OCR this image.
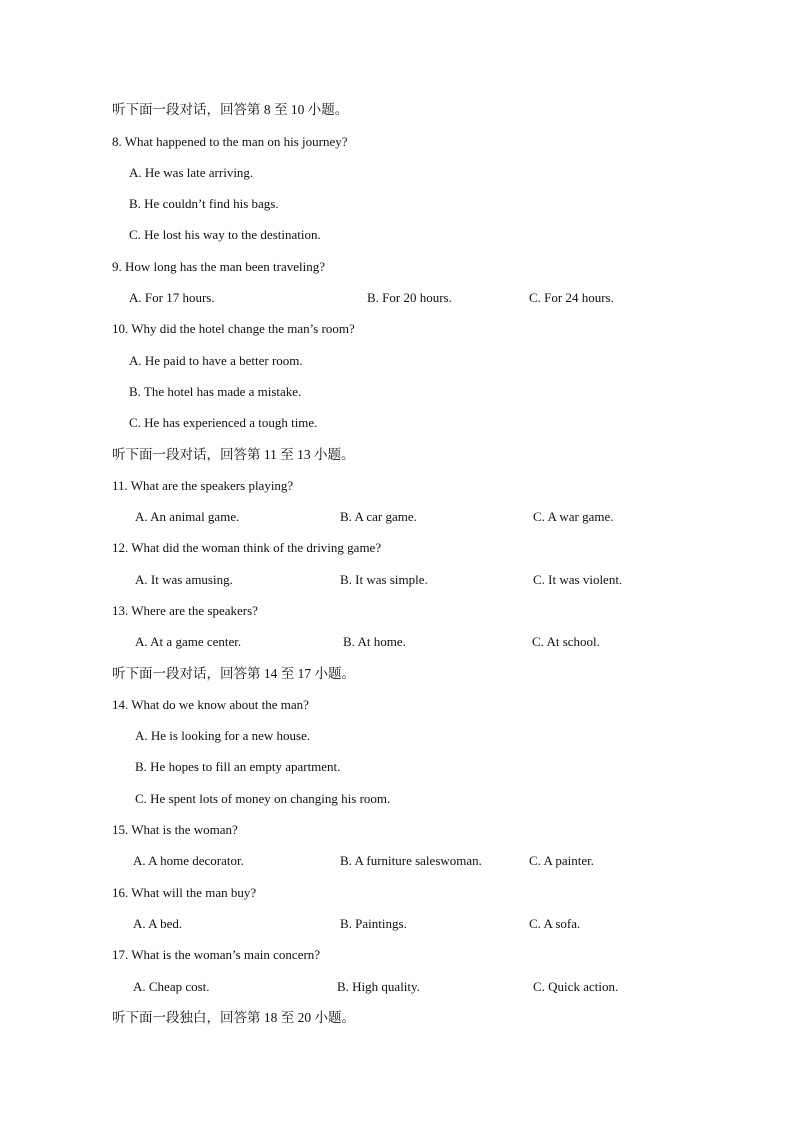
听下面一段对话，回答第 8 至 10 小题。
8. What happened to the man on his journey?
A. He was late arriving.
B. He couldn’t find his bags.
C. He lost his way to the destination.
9. How long has the man been traveling?
A. For 17 hours.	B. For 20 hours.	C. For 24 hours.
10. Why did the hotel change the man’s room?
A. He paid to have a better room.
B. The hotel has made a mistake.
C. He has experienced a tough time.
听下面一段对话，回答第 11 至 13 小题。
11. What are the speakers playing?
A. An animal game.	B. A car game.	C. A war game.
12. What did the woman think of the driving game?
A. It was amusing.	B. It was simple.	C. It was violent.
13. Where are the speakers?
A. At a game center.	B. At home.	C. At school.
听下面一段对话，回答第 14 至 17 小题。
14. What do we know about the man?
A. He is looking for a new house.
B. He hopes to fill an empty apartment.
C. He spent lots of money on changing his room.
15. What is the woman?
A. A home decorator.	B. A furniture saleswoman.	C. A painter.
16. What will the man buy?
A. A bed.	B. Paintings.	C. A sofa.
17. What is the woman’s main concern?
A. Cheap cost.	B. High quality.	C. Quick action.
听下面一段独白，回答第 18 至 20 小题。
